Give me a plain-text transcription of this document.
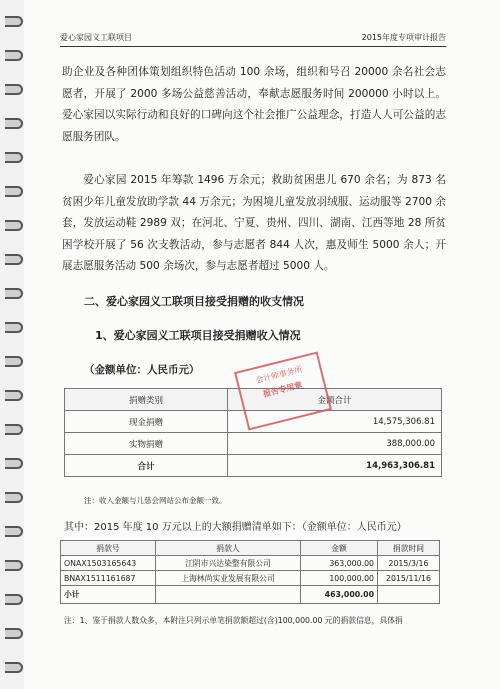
爱心家园义工联项目	2015年度专项审计报告

助企业及各种团体策划组织特色活动 100 余场，组织和号召 20000 余名社会志愿者，开展了 2000 多场公益慈善活动，奉献志愿服务时间 200000 小时以上。爱心家园以实际行动和良好的口碑向这个社会推广公益理念，打造人人可公益的志愿服务团队。

爱心家园 2015 年筹款 1496 万余元；救助贫困患儿 670 余名；为 873 名贫困少年儿童发放助学款 44 万余元；为困境儿童发放羽绒服、运动服等 2700 余套，发放运动鞋 2989 双；在河北、宁夏、贵州、四川、湖南、江西等地 28 所贫困学校开展了 56 次支教活动，参与志愿者 844 人次，惠及师生 5000 余人；开展志愿服务活动 500 余场次，参与志愿者超过 5000 人。

二、爱心家园义工联项目接受捐赠的收支情况
1、爱心家园义工联项目接受捐赠收入情况
（金额单位：人民币元）
捐赠类别	金额合计
现金捐赠	14,575,306.81
实物捐赠	388,000.00
合计	14,963,306.81
会计师事务所
报告专用章
注：收入金额与儿慈会网站公布金额一致。
其中：2015 年度 10 万元以上的大额捐赠清单如下：（金额单位：人民币元）
捐款号	捐款人	金额	捐款时间
ONAX1503165643	江阴市兴达染整有限公司	363,000.00	2015/3/16
BNAX1511161687	上海林尚实业发展有限公司	100,000.00	2015/11/16
小计		463,000.00	
注：1、鉴于捐款人数众多，本附注只列示单笔捐款额超过(含)100,000.00 元的捐款信息，具体捐
